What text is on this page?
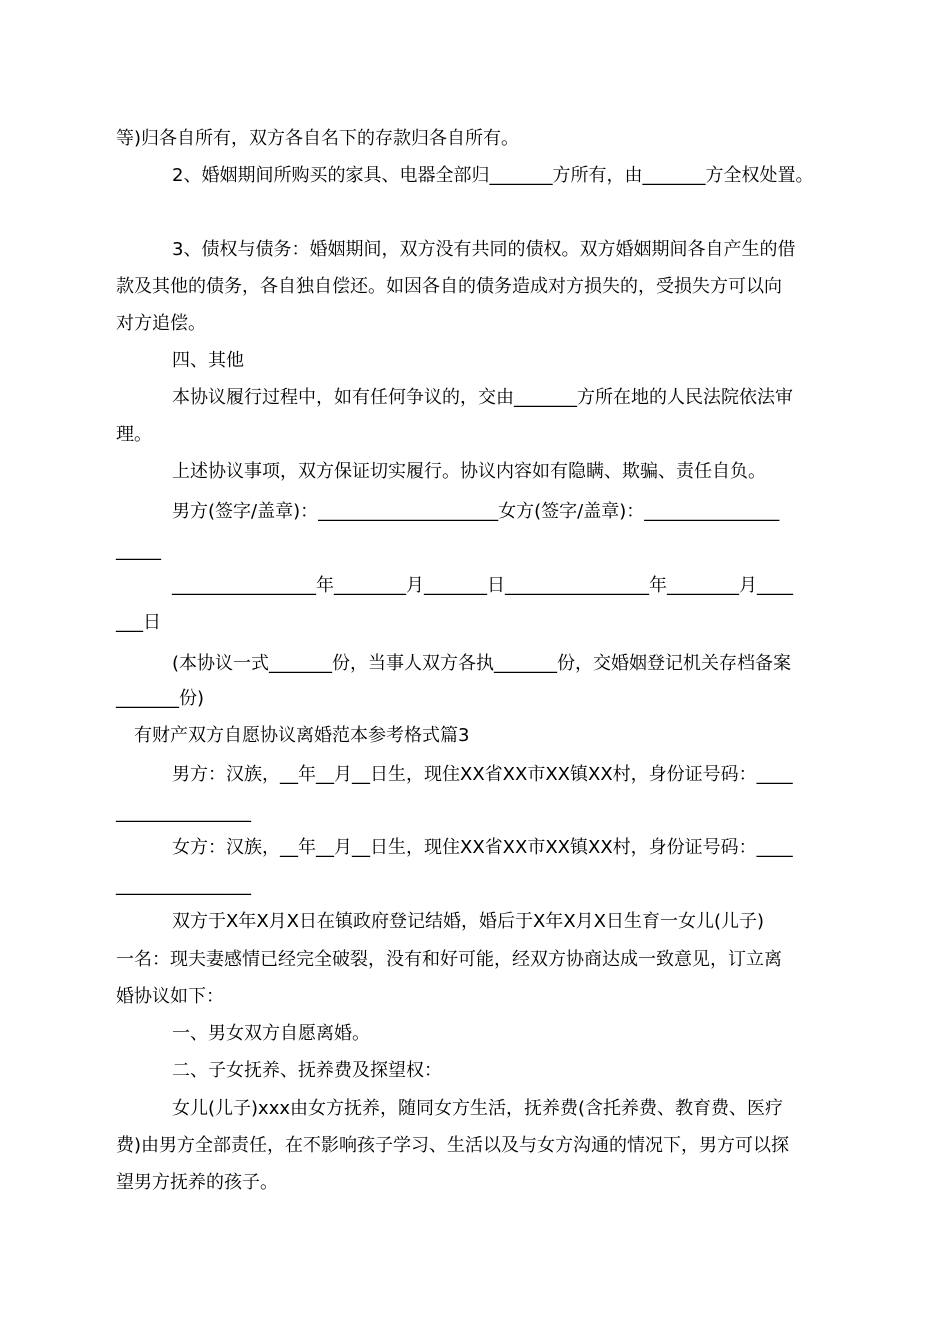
等)归各自所有，双方各自名下的存款归各自所有。
2、婚姻期间所购买的家具、电器全部归_______方所有，由_______方全权处置。
3、债权与债务：婚姻期间，双方没有共同的债权。双方婚姻期间各自产生的借
款及其他的债务，各自独自偿还。如因各自的债务造成对方损失的，受损失方可以向
对方追偿。
四、其他
本协议履行过程中，如有任何争议的，交由_______方所在地的人民法院依法审
理。
上述协议事项，双方保证切实履行。协议内容如有隐瞒、欺骗、责任自负。
男方(签字/盖章)：____________________女方(签字/盖章)：_______________
_____
________________年________月_______日________________年________月____
___日
(本协议一式_______份，当事人双方各执_______份，交婚姻登记机关存档备案
_______份)
有财产双方自愿协议离婚范本参考格式篇3
男方：汉族，__年__月__日生，现住XX省XX市XX镇XX村，身份证号码：____
_______________
女方：汉族，__年__月__日生，现住XX省XX市XX镇XX村，身份证号码：____
_______________
双方于X年X月X日在镇政府登记结婚，婚后于X年X月X日生育一女儿(儿子)
一名：现夫妻感情已经完全破裂，没有和好可能，经双方协商达成一致意见，订立离
婚协议如下：
一、男女双方自愿离婚。
二、子女抚养、抚养费及探望权：
女儿(儿子)xxx由女方抚养，随同女方生活，抚养费(含托养费、教育费、医疗
费)由男方全部责任，在不影响孩子学习、生活以及与女方沟通的情况下，男方可以探
望男方抚养的孩子。
